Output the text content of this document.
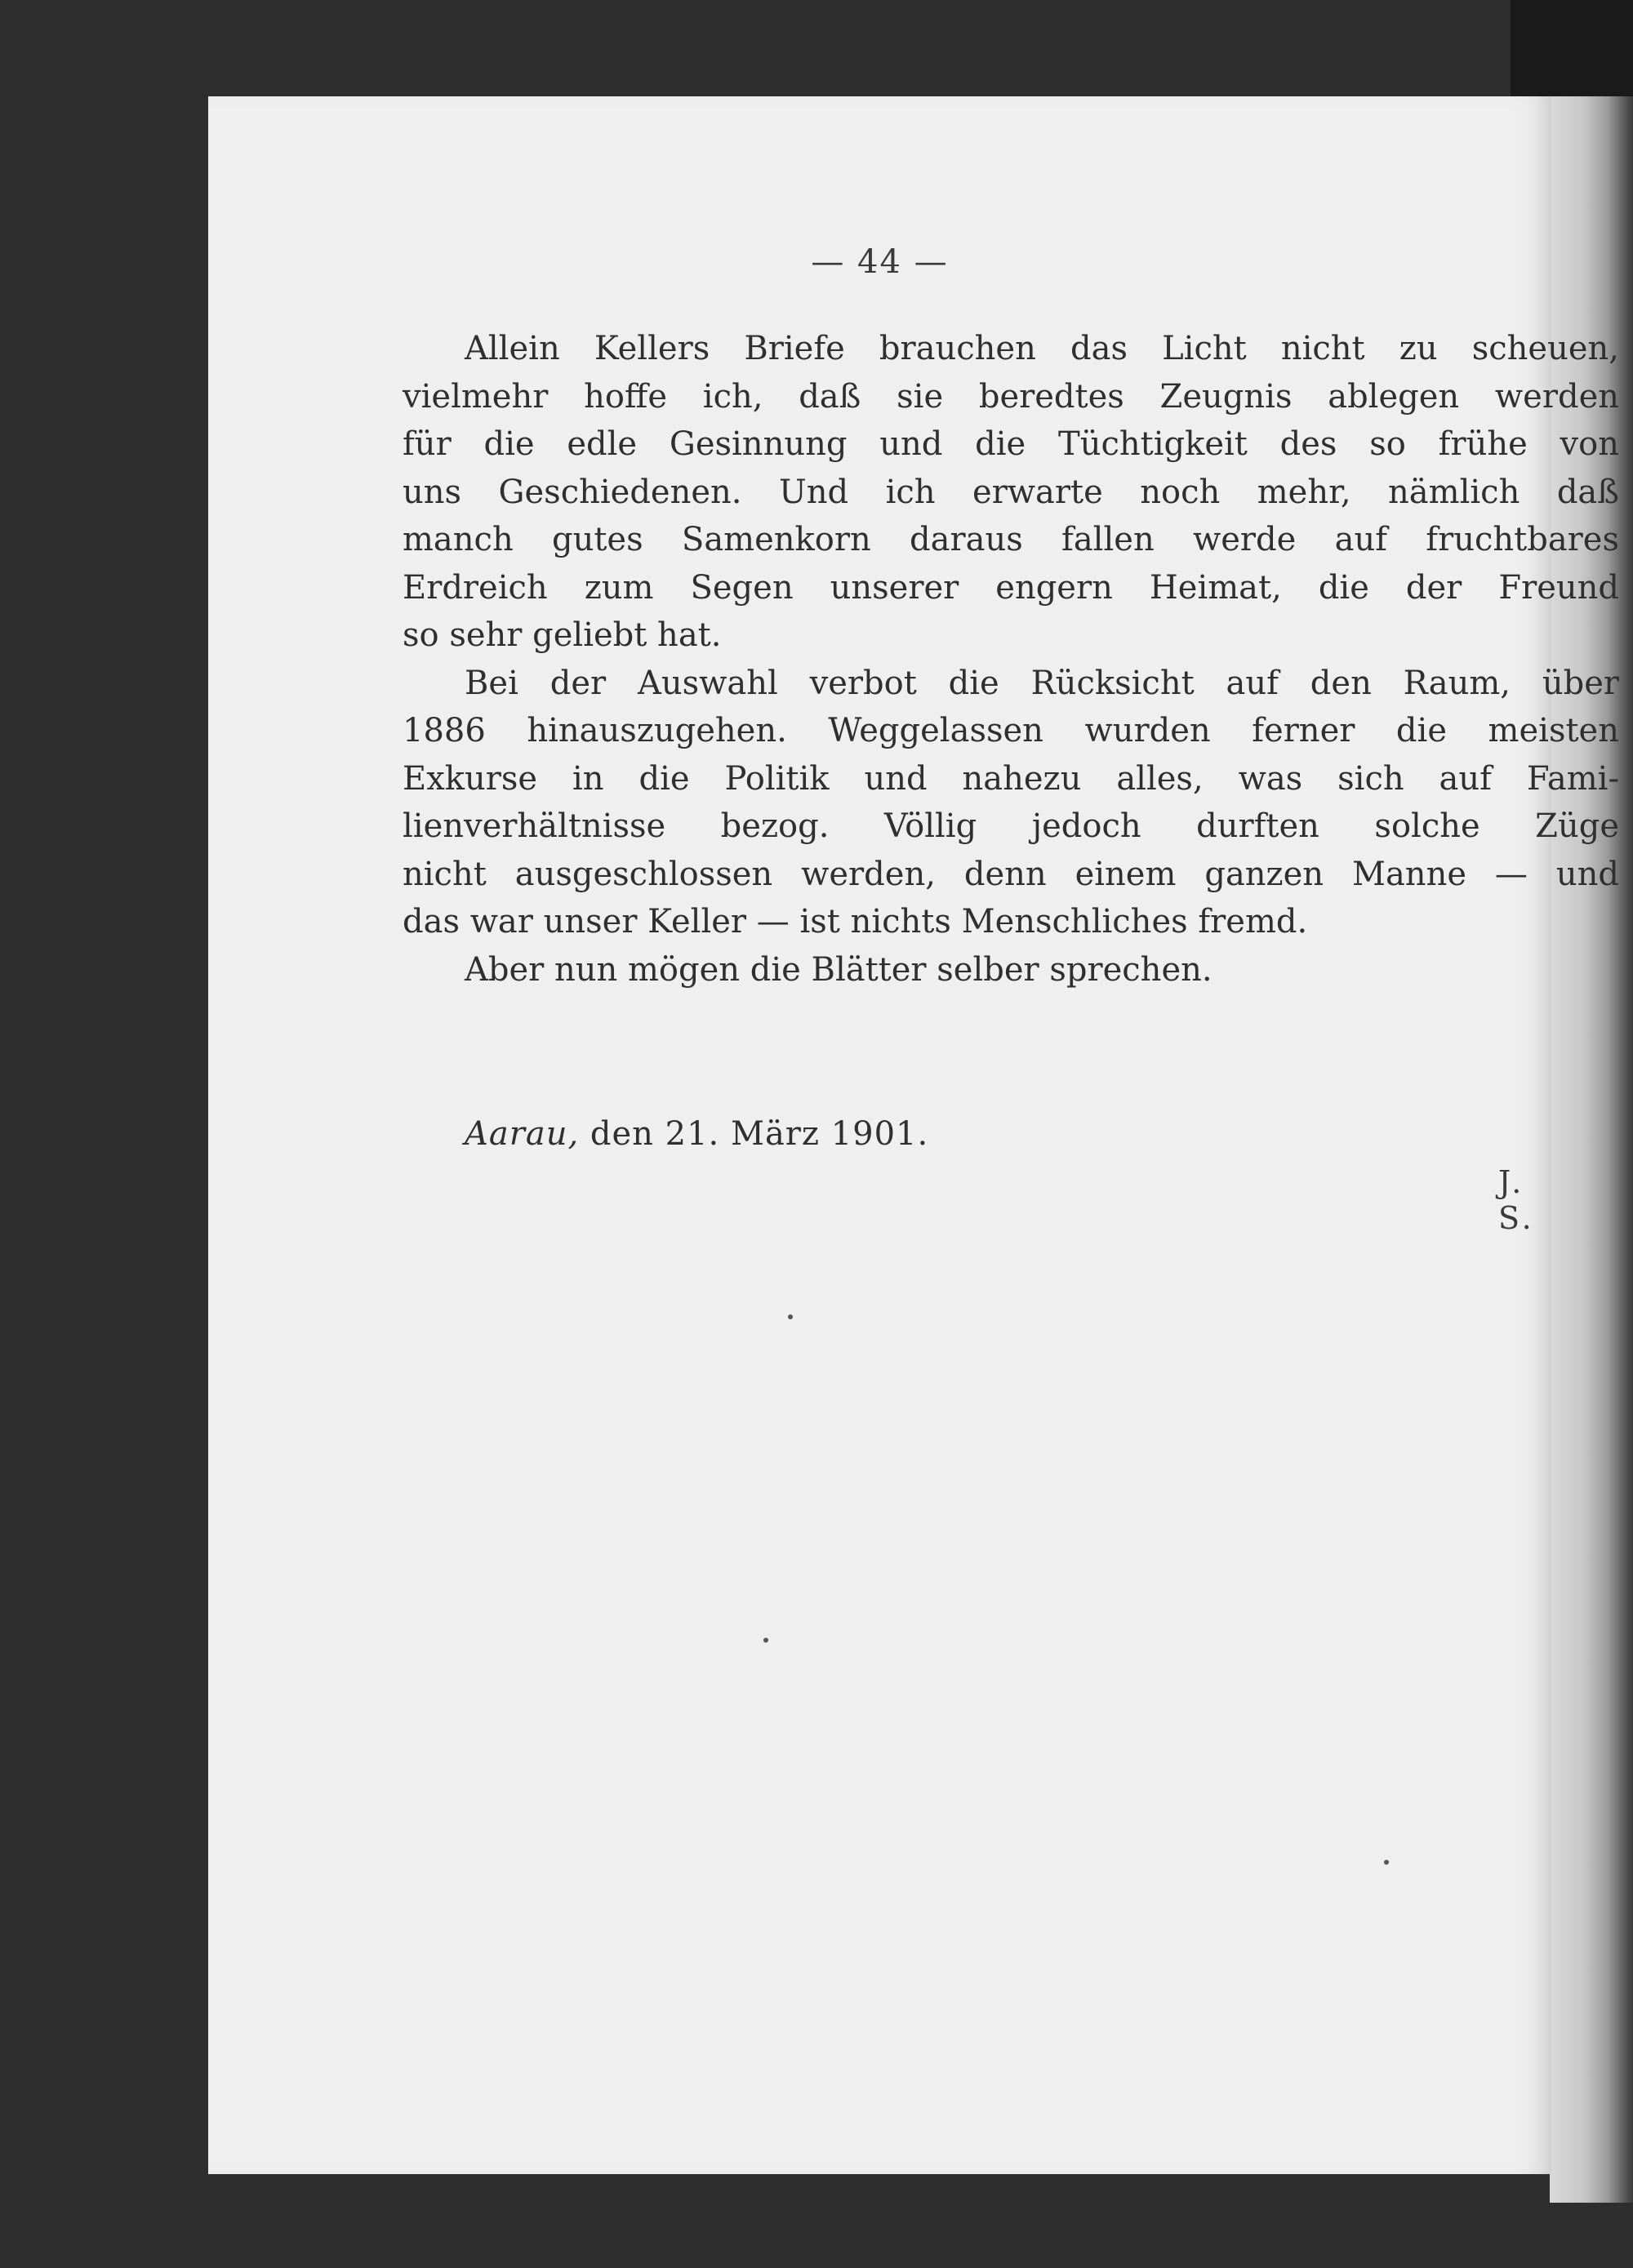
— 44 —
Allein Kellers Briefe brauchen das Licht nicht zu scheuen,
vielmehr hoffe ich, daß sie beredtes Zeugnis ablegen werden
für die edle Gesinnung und die Tüchtigkeit des so frühe von
uns Geschiedenen. Und ich erwarte noch mehr, nämlich daß
manch gutes Samenkorn daraus fallen werde auf fruchtbares
Erdreich zum Segen unserer engern Heimat, die der Freund
so sehr geliebt hat.
Bei der Auswahl verbot die Rücksicht auf den Raum, über
1886 hinauszugehen. Weggelassen wurden ferner die meisten
Exkurse in die Politik und nahezu alles, was sich auf Fami-
lienverhältnisse bezog. Völlig jedoch durften solche Züge
nicht ausgeschlossen werden, denn einem ganzen Manne — und
das war unser Keller — ist nichts Menschliches fremd.
Aber nun mögen die Blätter selber sprechen.
Aarau, den 21. März 1901.
J. S.
